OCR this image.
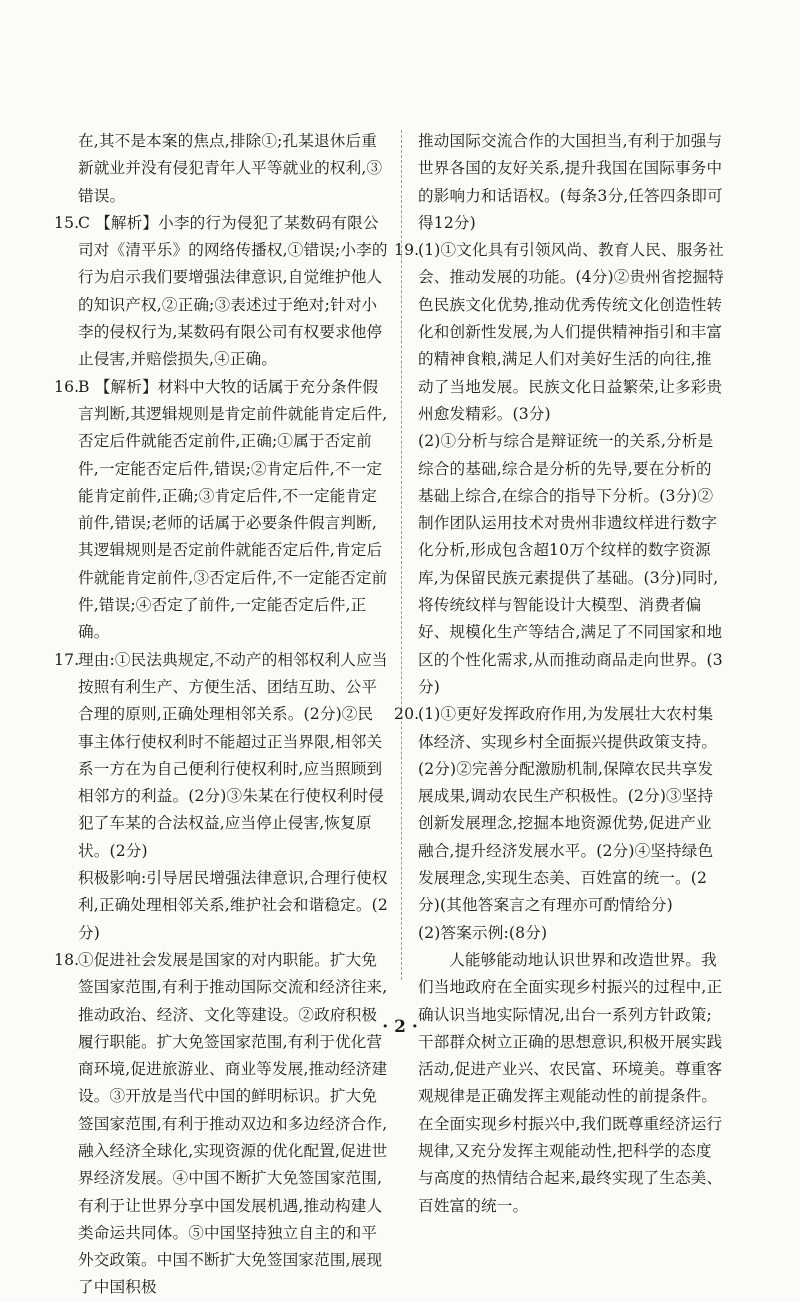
在,其不是本案的焦点,排除①;孔某退休后重新就业并没有侵犯青年人平等就业的权利,③错误。

15.

C 【解析】小李的行为侵犯了某数码有限公司对《清平乐》的网络传播权,①错误;小李的行为启示我们要增强法律意识,自觉维护他人的知识产权,②正确;③表述过于绝对;针对小李的侵权行为,某数码有限公司有权要求他停止侵害,并赔偿损失,④正确。

16.

B 【解析】材料中大牧的话属于充分条件假言判断,其逻辑规则是肯定前件就能肯定后件,否定后件就能否定前件,正确;①属于否定前件,一定能否定后件,错误;②肯定后件,不一定能肯定前件,正确;③肯定后件,不一定能肯定前件,错误;老师的话属于必要条件假言判断,其逻辑规则是否定前件就能否定后件,肯定后件就能肯定前件,③否定后件,不一定能否定前件,错误;④否定了前件,一定能否定后件,正确。

17.

理由:①民法典规定,不动产的相邻权利人应当按照有利生产、方便生活、团结互助、公平合理的原则,正确处理相邻关系。(2分)②民事主体行使权利时不能超过正当界限,相邻关系一方在为自己便利行使权利时,应当照顾到相邻方的利益。(2分)③朱某在行使权利时侵犯了车某的合法权益,应当停止侵害,恢复原状。(2分)

积极影响:引导居民增强法律意识,合理行使权利,正确处理相邻关系,维护社会和谐稳定。(2分)

18.

①促进社会发展是国家的对内职能。扩大免签国家范围,有利于推动国际交流和经济往来,推动政治、经济、文化等建设。②政府积极履行职能。扩大免签国家范围,有利于优化营商环境,促进旅游业、商业等发展,推动经济建设。③开放是当代中国的鲜明标识。扩大免签国家范围,有利于推动双边和多边经济合作,融入经济全球化,实现资源的优化配置,促进世界经济发展。④中国不断扩大免签国家范围,有利于让世界分享中国发展机遇,推动构建人类命运共同体。⑤中国坚持独立自主的和平外交政策。中国不断扩大免签国家范围,展现了中国积极

推动国际交流合作的大国担当,有利于加强与世界各国的友好关系,提升我国在国际事务中的影响力和话语权。(每条3分,任答四条即可得12分)

19.

(1)①文化具有引领风尚、教育人民、服务社会、推动发展的功能。(4分)②贵州省挖掘特色民族文化优势,推动优秀传统文化创造性转化和创新性发展,为人们提供精神指引和丰富的精神食粮,满足人们对美好生活的向往,推动了当地发展。民族文化日益繁荣,让多彩贵州愈发精彩。(3分)

(2)①分析与综合是辩证统一的关系,分析是综合的基础,综合是分析的先导,要在分析的基础上综合,在综合的指导下分析。(3分)②制作团队运用技术对贵州非遗纹样进行数字化分析,形成包含超10万个纹样的数字资源库,为保留民族元素提供了基础。(3分)同时,将传统纹样与智能设计大模型、消费者偏好、规模化生产等结合,满足了不同国家和地区的个性化需求,从而推动商品走向世界。(3分)

20.

(1)①更好发挥政府作用,为发展壮大农村集体经济、实现乡村全面振兴提供政策支持。(2分)②完善分配激励机制,保障农民共享发展成果,调动农民生产积极性。(2分)③坚持创新发展理念,挖掘本地资源优势,促进产业融合,提升经济发展水平。(2分)④坚持绿色发展理念,实现生态美、百姓富的统一。(2分)(其他答案言之有理亦可酌情给分)

(2)答案示例:(8分)

人能够能动地认识世界和改造世界。我们当地政府在全面实现乡村振兴的过程中,正确认识当地实际情况,出台一系列方针政策;干部群众树立正确的思想意识,积极开展实践活动,促进产业兴、农民富、环境美。尊重客观规律是正确发挥主观能动性的前提条件。在全面实现乡村振兴中,我们既尊重经济运行规律,又充分发挥主观能动性,把科学的态度与高度的热情结合起来,最终实现了生态美、百姓富的统一。

· 2 ·
